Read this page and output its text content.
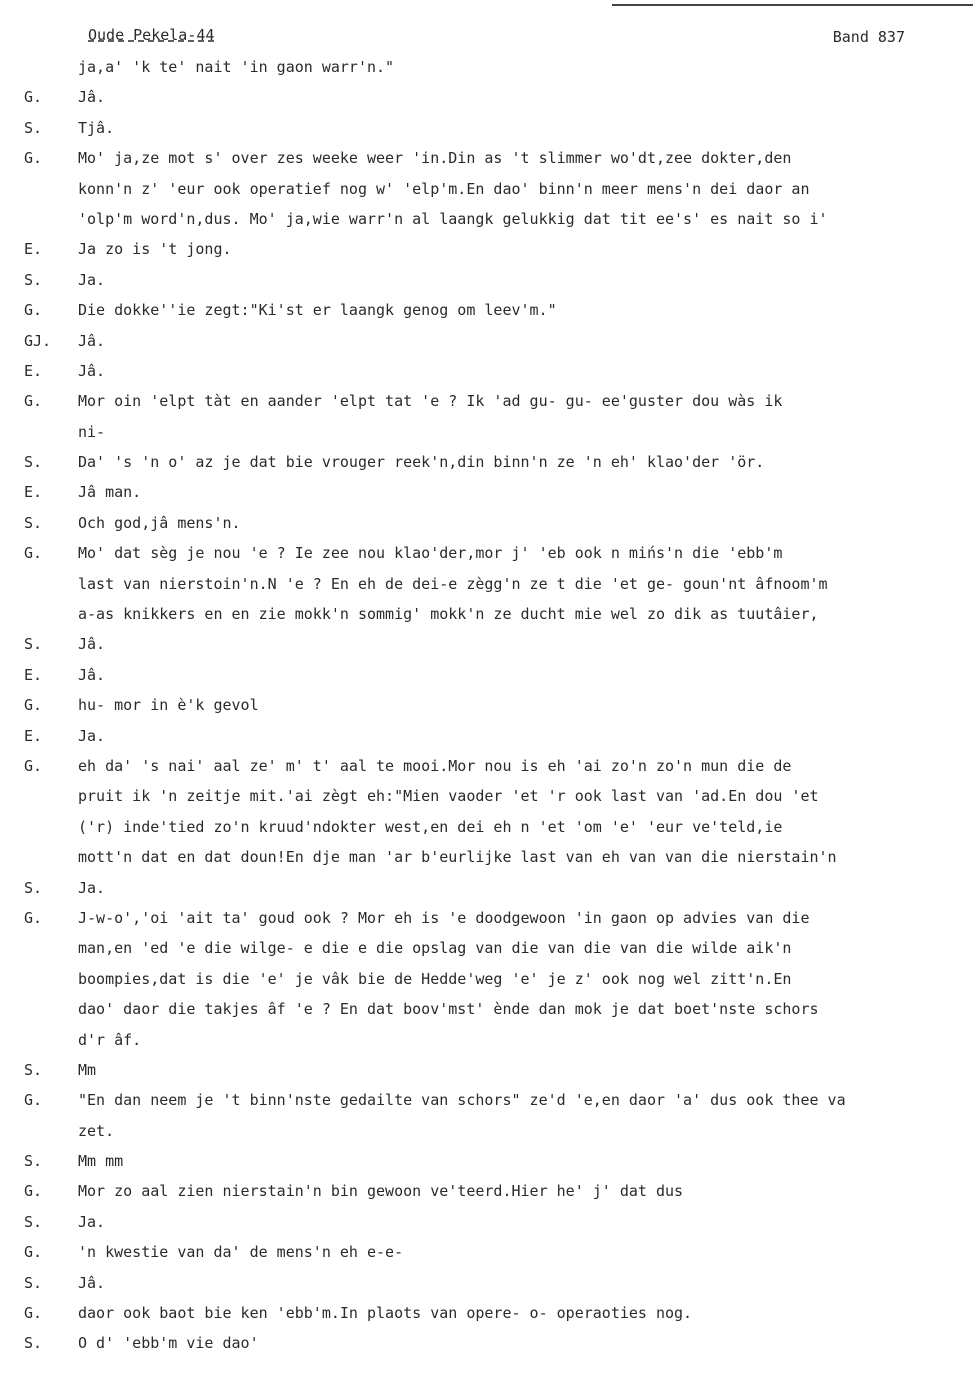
Oude Pekela-44	Band 837
ja,a' 'k te' nait 'in gaon warr'n."
G.	Jâ.
S.	Tjâ.
G.	Mo' ja,ze mot s' over zes weeke weer 'in.Din as 't slimmer wo'dt,zee dokter,den
konn'n z' 'eur ook operatief nog w' 'elp'm.En dao' binn'n meer mens'n dei daor an
'olp'm word'n,dus. Mo' ja,wie warr'n al laangk gelukkig dat tit ee's' es nait so i'
E.	Ja zo is 't jong.
S.	Ja.
G.	Die dokke''ie zegt:"Ki'st er laangk genog om leev'm."
GJ.	Jâ.
E.	Jâ.
G.	Mor oin 'elpt tàt en aander 'elpt tat 'e ? Ik 'ad gu- gu- ee'guster dou wàs ik
ni-
S.	Da' 's 'n o' az je dat bie vrouger reek'n,din binn'n ze 'n eh' klao'der 'ör.
E.	Jâ man.
S.	Och god,jâ mens'n.
G.	Mo' dat sèg je nou 'e ? Ie zee nou klao'der,mor j' 'eb ook n mińs'n die 'ebb'm
last van nierstoin'n.N 'e ? En eh de dei-e zègg'n ze t die 'et ge- goun'nt âfnoom'm
a-as knikkers en en zie mokk'n sommig' mokk'n ze ducht mie wel zo dik as tuutâier,
S.	Jâ.
E.	Jâ.
G.	hu- mor in è'k gevol
E.	Ja.
G.	eh da' 's nai' aal ze' m' t' aal te mooi.Mor nou is eh 'ai zo'n zo'n mun die de
pruit ik 'n zeitje mit.'ai zègt eh:"Mien vaoder 'et 'r ook last van 'ad.En dou 'et
('r) inde'tied zo'n kruud'ndokter west,en dei eh n 'et 'om 'e' 'eur ve'teld,ie
mott'n dat en dat doun!En dje man 'ar b'eurlijke last van eh van van die nierstain'n
S.	Ja.
G.	J-w-o','oi 'ait ta' goud ook ? Mor eh is 'e doodgewoon 'in gaon op advies van die
man,en 'ed 'e die wilge- e die e die opslag van die van die van die wilde aik'n
boompies,dat is die 'e' je vâk bie de Hedde'weg 'e' je z' ook nog wel zitt'n.En
dao' daor die takjes âf 'e ? En dat boov'mst' ènde dan mok je dat boet'nste schors
d'r âf.
S.	Mm
G.	"En dan neem je 't binn'nste gedailte van schors" ze'd 'e,en daor 'a' dus ook thee va
zet.
S.	Mm mm
G.	Mor zo aal zien nierstain'n bin gewoon ve'teerd.Hier he' j' dat dus
S.	Ja.
G.	'n kwestie van da' de mens'n eh e-e-
S.	Jâ.
G.	daor ook baot bie ken 'ebb'm.In plaots van opere- o- operaoties nog.
S.	O d' 'ebb'm vie dao'
